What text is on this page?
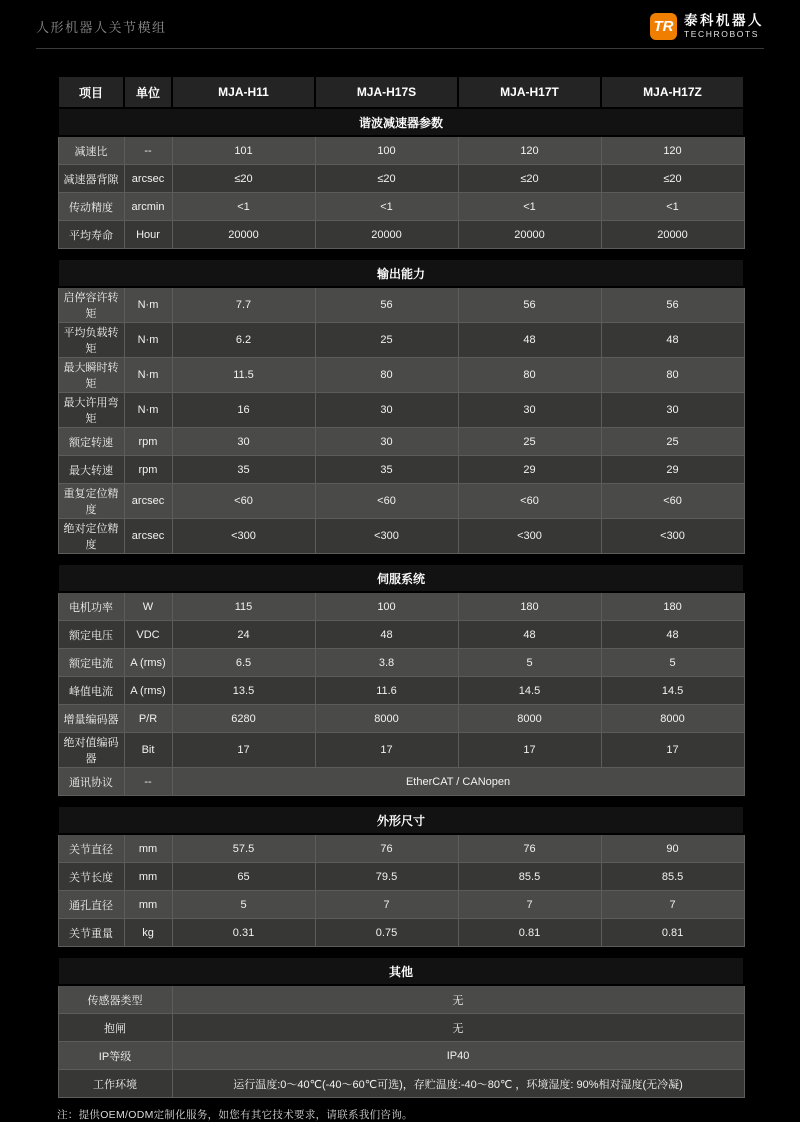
人形机器人关节模组	TR 泰科机器人
TECHROBOTS
项目	单位	MJA-H11	MJA-H17S	MJA-H17T	MJA-H17Z
谐波减速器参数					
减速比	--	101	100	120	120
减速器背隙	arcsec	≤20	≤20	≤20	≤20
传动精度	arcmin	<1	<1	<1	<1
平均寿命	Hour	20000	20000	20000	20000
输出能力					
启停容许转矩	N·m	7.7	56	56	56
平均负载转矩	N·m	6.2	25	48	48
最大瞬时转矩	N·m	11.5	80	80	80
最大许用弯矩	N·m	16	30	30	30
额定转速	rpm	30	30	25	25
最大转速	rpm	35	35	29	29
重复定位精度	arcsec	<60	<60	<60	<60
绝对定位精度	arcsec	<300	<300	<300	<300
伺服系统					
电机功率	W	115	100	180	180
额定电压	VDC	24	48	48	48
额定电流	A (rms)	6.5	3.8	5	5
峰值电流	A (rms)	13.5	11.6	14.5	14.5
增量编码器	P/R	6280	8000	8000	8000
绝对值编码器	Bit	17	17	17	17
通讯协议	--	EtherCAT / CANopen			
外形尺寸					
关节直径	mm	57.5	76	76	90
关节长度	mm	65	79.5	85.5	85.5
通孔直径	mm	5	7	7	7
关节重量	kg	0.31	0.75	0.81	0.81
其他	
传感器类型	无
抱闸	无
IP等级	IP40
工作环境	运行温度:0～40℃(-40～60℃可选)，存贮温度:-40～80℃ ，环境湿度: 90%相对湿度(无冷凝)
注：提供OEM/ODM定制化服务，如您有其它技术要求，请联系我们咨询。
